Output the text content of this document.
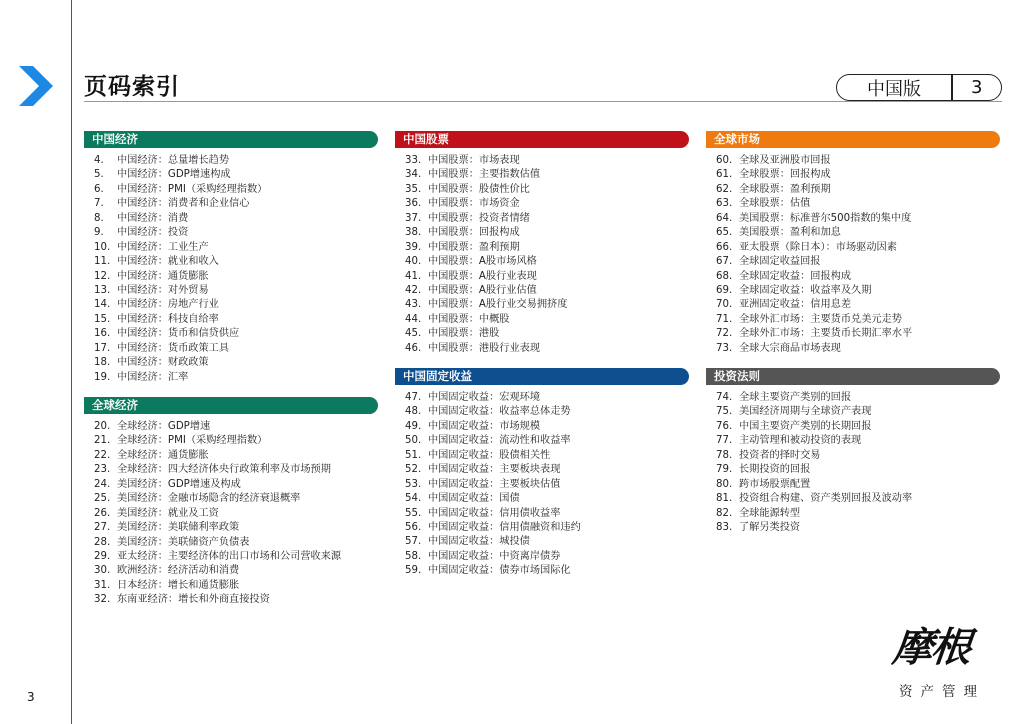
页码索引	中国版	3
中国经济
4.	中国经济：总量增长趋势
5.	中国经济：GDP增速构成
6.	中国经济：PMI（采购经理指数）
7.	中国经济：消费者和企业信心
8.	中国经济：消费
9.	中国经济：投资
10. 中国经济：工业生产
11. 中国经济：就业和收入
12. 中国经济：通货膨胀
13. 中国经济：对外贸易
14. 中国经济：房地产行业
15. 中国经济：科技自给率
16. 中国经济：货币和信贷供应
17. 中国经济：货币政策工具
18. 中国经济：财政政策
19. 中国经济：汇率
全球经济
20. 全球经济：GDP增速
21. 全球经济：PMI（采购经理指数）
22. 全球经济：通货膨胀
23. 全球经济：四大经济体央行政策利率及市场预期
24. 美国经济：GDP增速及构成
25. 美国经济：金融市场隐含的经济衰退概率
26. 美国经济：就业及工资
27. 美国经济：美联储利率政策
28. 美国经济：美联储资产负债表
29. 亚太经济：主要经济体的出口市场和公司营收来源
30. 欧洲经济：经济活动和消费
31. 日本经济：增长和通货膨胀
32. 东南亚经济：增长和外商直接投资
中国股票
33. 中国股票：市场表现
34. 中国股票：主要指数估值
35. 中国股票：股债性价比
36. 中国股票：市场资金
37. 中国股票：投资者情绪
38. 中国股票：回报构成
39. 中国股票：盈利预期
40. 中国股票：A股市场风格
41. 中国股票：A股行业表现
42. 中国股票：A股行业估值
43. 中国股票：A股行业交易拥挤度
44. 中国股票：中概股
45. 中国股票：港股
46. 中国股票：港股行业表现
中国固定收益
47. 中国固定收益：宏观环境
48. 中国固定收益：收益率总体走势
49. 中国固定收益：市场规模
50. 中国固定收益：流动性和收益率
51. 中国固定收益：股债相关性
52. 中国固定收益：主要板块表现
53. 中国固定收益：主要板块估值
54. 中国固定收益：国债
55. 中国固定收益：信用债收益率
56. 中国固定收益：信用债融资和违约
57. 中国固定收益：城投债
58. 中国固定收益：中资离岸债券
59. 中国固定收益：债券市场国际化
全球市场
60. 全球及亚洲股市回报
61. 全球股票：回报构成
62. 全球股票：盈利预期
63. 全球股票：估值
64. 美国股票：标准普尔500指数的集中度
65. 美国股票：盈利和加息
66. 亚太股票（除日本）：市场驱动因素
67. 全球固定收益回报
68. 全球固定收益：回报构成
69. 全球固定收益：收益率及久期
70. 亚洲固定收益：信用息差
71. 全球外汇市场：主要货币兑美元走势
72. 全球外汇市场：主要货币长期汇率水平
73. 全球大宗商品市场表现
投资法则
74. 全球主要资产类别的回报
75. 美国经济周期与全球资产表现
76. 中国主要资产类别的长期回报
77. 主动管理和被动投资的表现
78. 投资者的择时交易
79. 长期投资的回报
80. 跨市场股票配置
81. 投资组合构建、资产类别回报及波动率
82. 全球能源转型
83. 了解另类投资
3
摩根
资产管理
